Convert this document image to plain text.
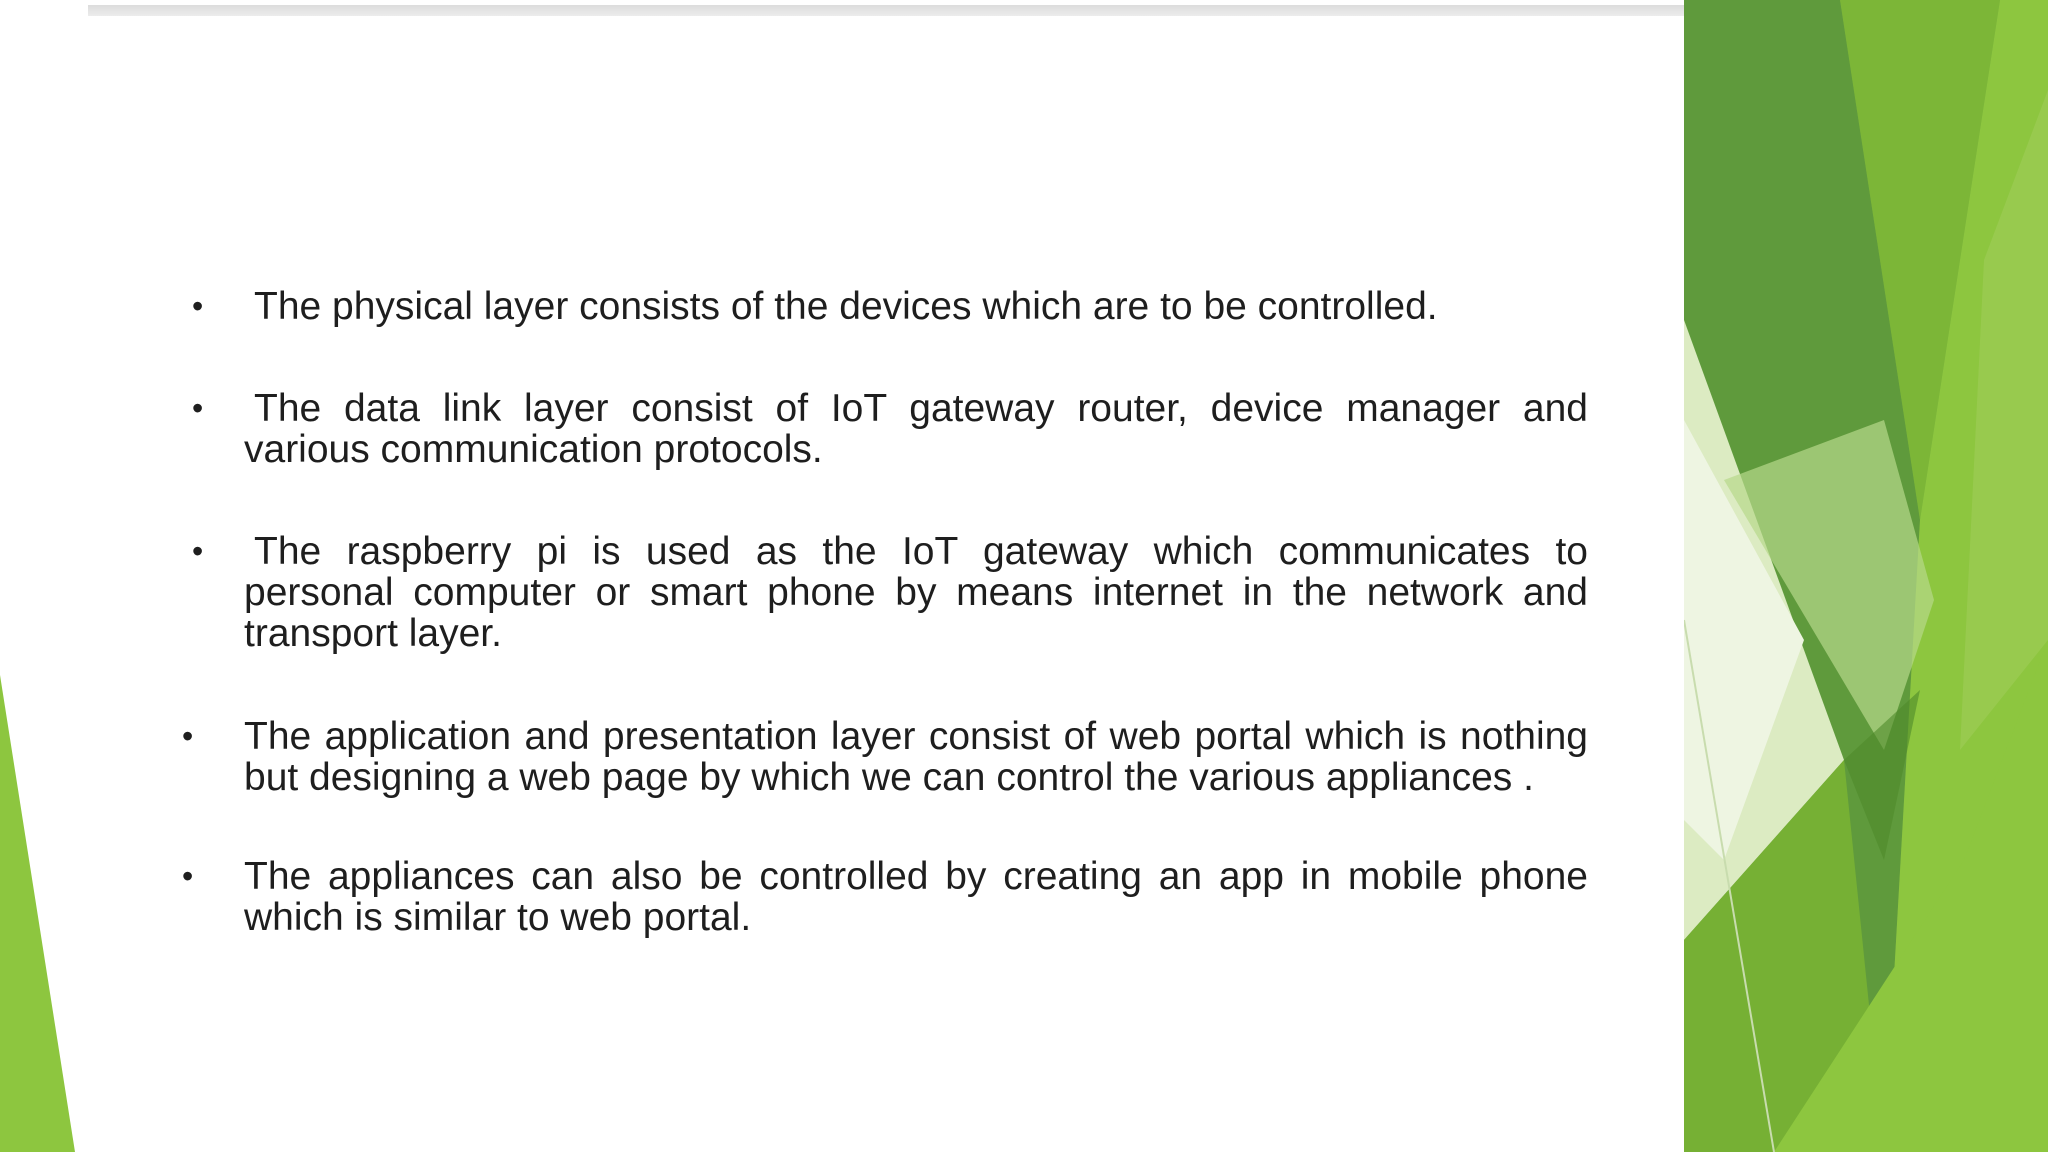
• The physical layer consists of the devices which are to be controlled.
• The data link layer consist of IoT gateway router, device manager and various communication protocols.
• The raspberry pi is used as the IoT gateway which communicates to personal computer or smart phone by means internet in the network and transport layer.
• The application and presentation layer consist of web portal which is nothing but designing a web page by which we can control the various appliances .
• The appliances can also be controlled by creating an app in mobile phone which is similar to web portal.
